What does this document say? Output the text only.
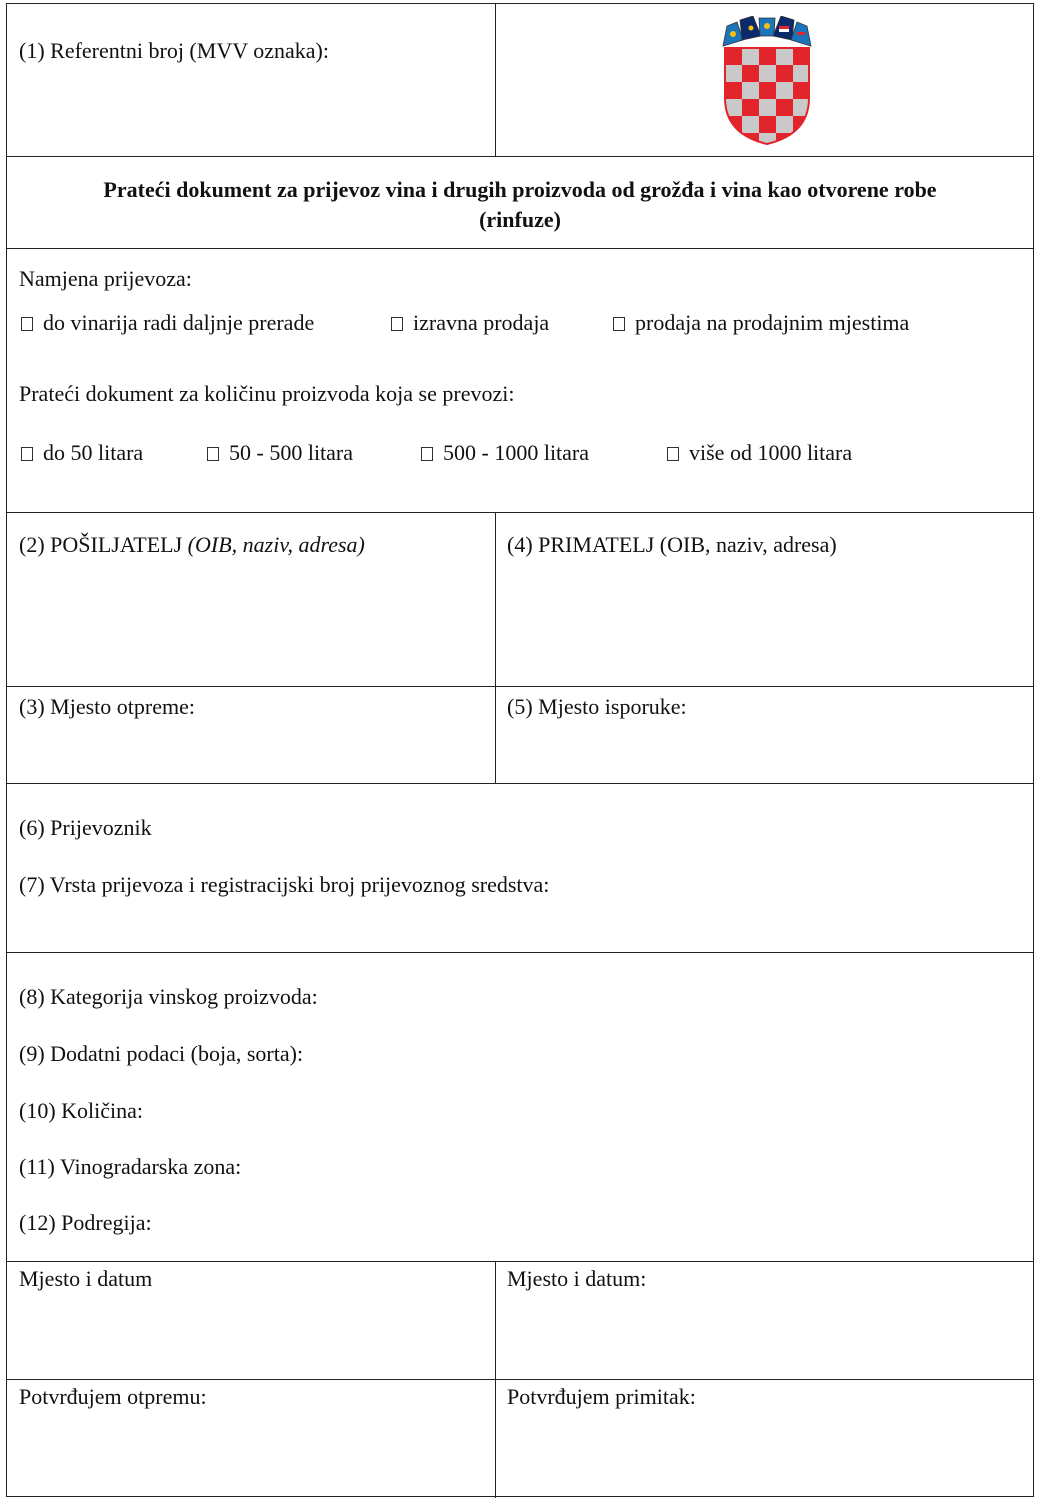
(1) Referentni broj (MVV oznaka):
Prateći dokument za prijevoz vina i drugih proizvoda od grožđa i vina kao otvorene robe
(rinfuze)
Namjena prijevoza:
do vinarija radi daljnje prerade	izravna prodaja	prodaja na prodajnim mjestima
Prateći dokument za količinu proizvoda koja se prevozi:
do 50 litara	50 - 500 litara	500 - 1000 litara	više od 1000 litara
(2) POŠILJATELJ (OIB, naziv, adresa)	(4) PRIMATELJ (OIB, naziv, adresa)
(3) Mjesto otpreme:	(5) Mjesto isporuke:
(6) Prijevoznik
(7) Vrsta prijevoza i registracijski broj prijevoznog sredstva:
(8) Kategorija vinskog proizvoda:
(9) Dodatni podaci (boja, sorta):
(10) Količina:
(11) Vinogradarska zona:
(12) Podregija:
Mjesto i datum	Mjesto i datum:
Potvrđujem otpremu:	Potvrđujem primitak:
